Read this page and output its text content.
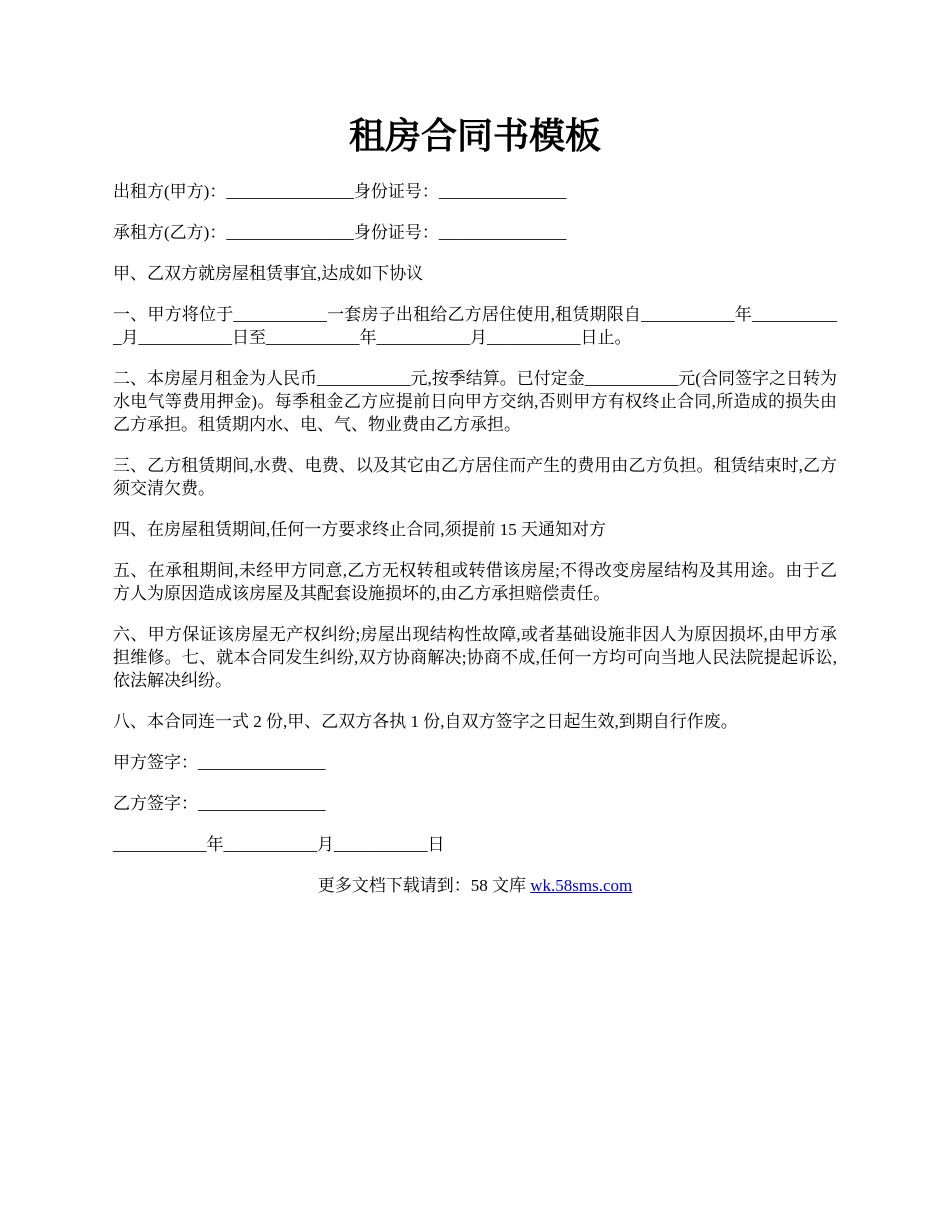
租房合同书模板

出租方(甲方)：_______________身份证号：_______________

承租方(乙方)：_______________身份证号：_______________

甲、乙双方就房屋租赁事宜,达成如下协议

一、甲方将位于___________一套房子出租给乙方居住使用,租赁期限自___________年___________月___________日至___________年___________月___________日止。

二、本房屋月租金为人民币___________元,按季结算。已付定金___________元(合同签字之日转为水电气等费用押金)。每季租金乙方应提前日向甲方交纳,否则甲方有权终止合同,所造成的损失由乙方承担。租赁期内水、电、气、物业费由乙方承担。

三、乙方租赁期间,水费、电费、以及其它由乙方居住而产生的费用由乙方负担。租赁结束时,乙方须交清欠费。

四、在房屋租赁期间,任何一方要求终止合同,须提前 15 天通知对方

五、在承租期间,未经甲方同意,乙方无权转租或转借该房屋;不得改变房屋结构及其用途。由于乙方人为原因造成该房屋及其配套设施损坏的,由乙方承担赔偿责任。

六、甲方保证该房屋无产权纠纷;房屋出现结构性故障,或者基础设施非因人为原因损坏,由甲方承担维修。七、就本合同发生纠纷,双方协商解决;协商不成,任何一方均可向当地人民法院提起诉讼,依法解决纠纷。

八、本合同连一式 2 份,甲、乙双方各执 1 份,自双方签字之日起生效,到期自行作废。

甲方签字：_______________

乙方签字：_______________

___________年___________月___________日

更多文档下载请到：58 文库 wk.58sms.com
